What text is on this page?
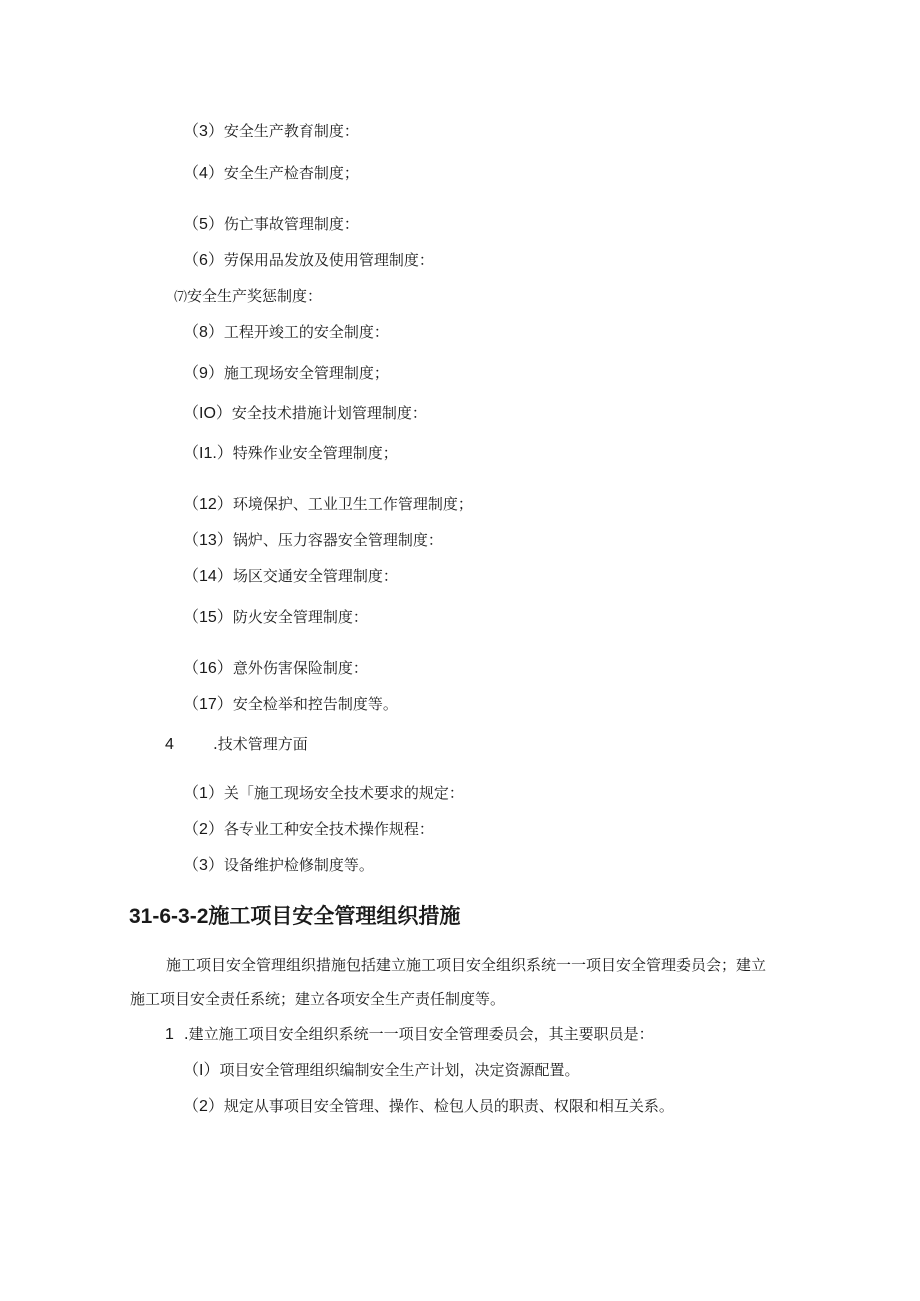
（3）安全生产教育制度：
（4）安全生产检杳制度；
（5）伤亡事故管理制度：
（6）劳保用品发放及使用管理制度：
⑺安全生产奖惩制度：
（8）工程开竣工的安全制度：
（9）施工现场安全管理制度；
（IO）安全技术措施计划管理制度：
（I1.）特殊作业安全管理制度；
（12）环境保护、工业卫生工作管理制度；
（13）锅炉、压力容器安全管理制度：
（14）场区交通安全管理制度：
（15）防火安全管理制度：
（16）意外伤害保险制度：
（17）安全检举和控告制度等。
4	.技术管理方面
（1）关「施工现场安全技术要求的规定：
（2）各专业工种安全技术操作规程：
（3）设备维护检修制度等。
31-6-3-2施工项目安全管理组织措施
施工项目安全管理组织措施包括建立施工项目安全组织系统一一项目安全管理委员会；建立
施工项目安全责任系统；建立各项安全生产责任制度等。
1 .建立施工项目安全组织系统一一项目安全管理委员会，其主要职员是：
（I）项目安全管理组织编制安全生产计划，决定资源配置。
（2）规定从事项目安全管理、操作、检包人员的职责、权限和相互关系。
